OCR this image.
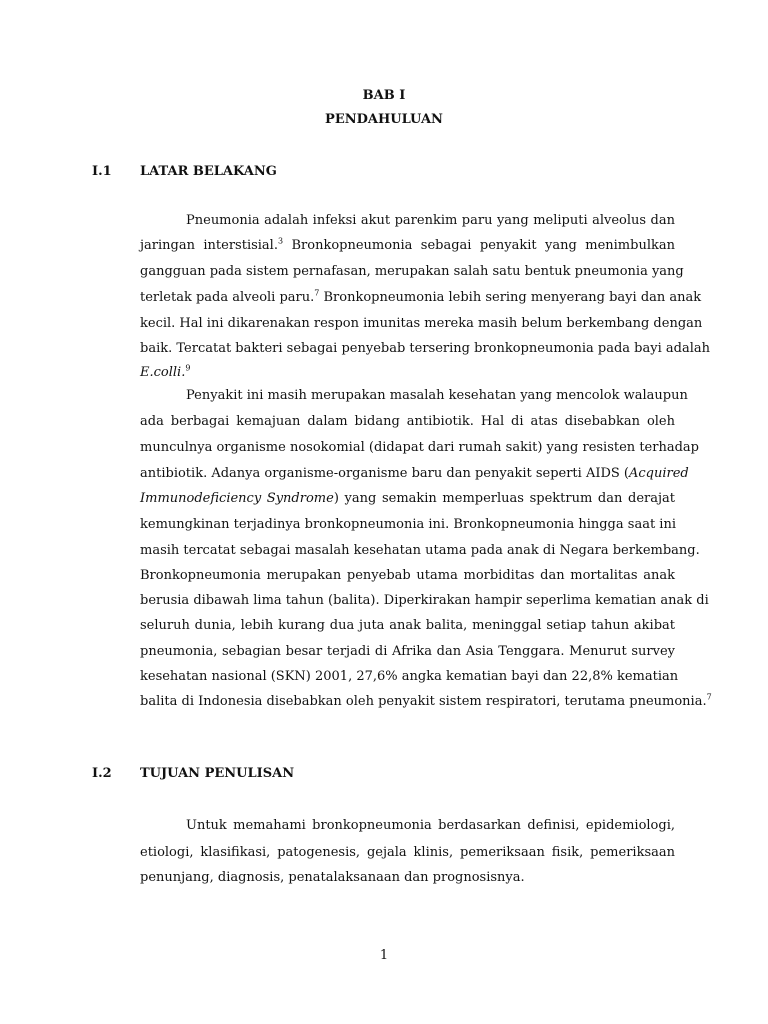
BAB I
PENDAHULUAN
I.1 LATAR BELAKANG
Pneumonia adalah infeksi akut parenkim paru yang meliputi alveolus dan
jaringan interstisial.$^3$ Bronkopneumonia sebagai penyakit yang menimbulkan
gangguan pada sistem pernafasan, merupakan salah satu bentuk pneumonia yang
terletak pada alveoli paru.$^7$ Bronkopneumonia lebih sering menyerang bayi dan anak
kecil. Hal ini dikarenakan respon imunitas mereka masih belum berkembang dengan
baik. Tercatat bakteri sebagai penyebab tersering bronkopneumonia pada bayi adalah
E.colli.$^9$
Penyakit ini masih merupakan masalah kesehatan yang mencolok walaupun
ada berbagai kemajuan dalam bidang antibiotik. Hal di atas disebabkan oleh
munculnya organisme nosokomial (didapat dari rumah sakit) yang resisten terhadap
antibiotik. Adanya organisme-organisme baru dan penyakit seperti AIDS (Acquired
Immunodeficiency Syndrome) yang semakin memperluas spektrum dan derajat
kemungkinan terjadinya bronkopneumonia ini. Bronkopneumonia hingga saat ini
masih tercatat sebagai masalah kesehatan utama pada anak di Negara berkembang.
Bronkopneumonia merupakan penyebab utama morbiditas dan mortalitas anak
berusia dibawah lima tahun (balita). Diperkirakan hampir seperlima kematian anak di
seluruh dunia, lebih kurang dua juta anak balita, meninggal setiap tahun akibat
pneumonia, sebagian besar terjadi di Afrika dan Asia Tenggara. Menurut survey
kesehatan nasional (SKN) 2001, 27,6% angka kematian bayi dan 22,8% kematian
balita di Indonesia disebabkan oleh penyakit sistem respiratori, terutama pneumonia.$^7$
I.2 TUJUAN PENULISAN
Untuk memahami bronkopneumonia berdasarkan definisi, epidemiologi,
etiologi, klasifikasi, patogenesis, gejala klinis, pemeriksaan fisik, pemeriksaan
penunjang, diagnosis, penatalaksanaan dan prognosisnya.
1
